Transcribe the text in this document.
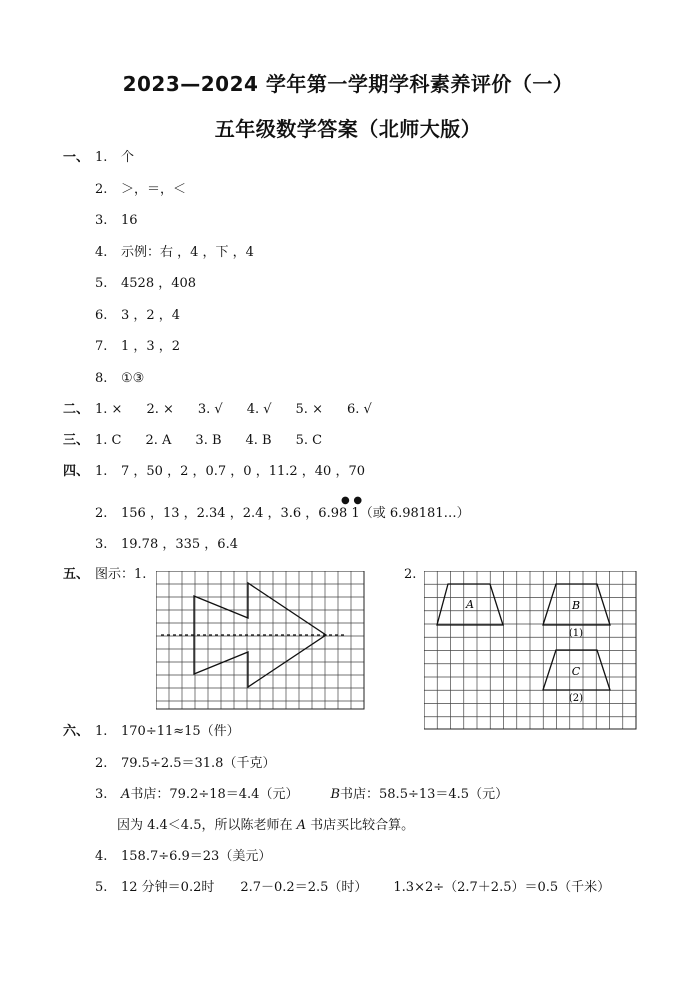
2023—2024 学年第一学期学科素养评价（一）
五年级数学答案（北师大版）
一、 1. 个
2. ＞，＝，＜
3. 16
4. 示例：右 ，4 ，下 ，4
5. 4528 ，408
6. 3 ，2 ，4
7. 1 ，3 ，2
8. ①③
二、 1. × 2. × 3. √ 4. √ 5. × 6. √
三、 1. C 2. A 3. B 4. B 5. C
四、 1. 7 ，50 ，2 ，0.7 ，0 ，11.2 ，40 ，70
2. 156 ，13 ，2.34 ，2.4 ，3.6 ，6.9
●
8
●
1（或 6.98181…）
3. 19.78 ，335 ，6.4
五、 图示：1.	2.
A	B
(1)
C
(2)
六、 1. 170÷11≈15（件）
2. 79.5÷2.5＝31.8（千克）
3. A书店：79.2÷18＝4.4（元） B书店：58.5÷13＝4.5（元）
因为 4.4＜4.5，所以陈老师在 A 书店买比较合算。
4. 158.7÷6.9＝23（美元）
5. 12 分钟＝0.2时 2.7－0.2＝2.5（时） 1.3×2÷（2.7＋2.5）＝0.5（千米）
